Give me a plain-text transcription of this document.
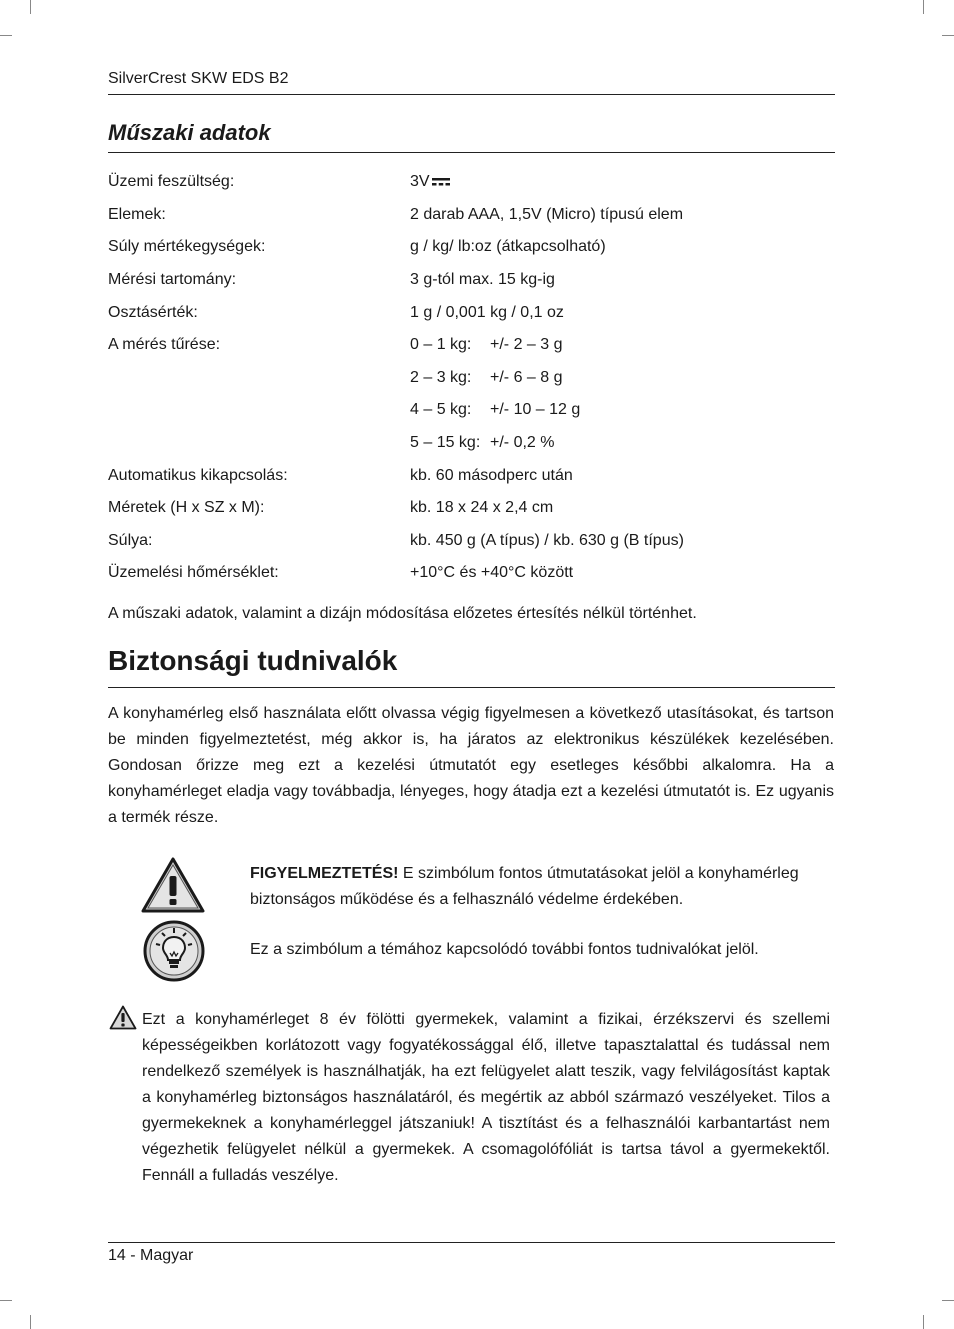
SilverCrest SKW EDS B2
Műszaki adatok
Üzemi feszültség:	3V
Elemek:	2 darab AAA, 1,5V (Micro) típusú elem
Súly mértékegységek:	g / kg/ lb:oz (átkapcsolható)
Mérési tartomány:	3 g-tól max. 15 kg-ig
Osztásérték:	1 g / 0,001 kg / 0,1 oz
A mérés tűrése:	0 – 1 kg:	+/- 2 – 3 g
2 – 3 kg:	+/- 6 – 8 g
4 – 5 kg:	+/- 10 – 12 g
5 – 15 kg: +/- 0,2 %
Automatikus kikapcsolás:	kb. 60 másodperc után
Méretek (H x SZ x M):	kb. 18 x 24 x 2,4 cm
Súlya:	kb. 450 g (A típus) / kb. 630 g (B típus)
Üzemelési hőmérséklet:	+10°C és +40°C között
A műszaki adatok, valamint a dizájn módosítása előzetes értesítés nélkül történhet.
Biztonsági tudnivalók
A konyhamérleg első használata előtt olvassa végig figyelmesen a következő utasításokat, és tartson be minden figyelmeztetést, még akkor is, ha járatos az elektronikus készülékek kezelésében. Gondosan őrizze meg ezt a kezelési útmutatót egy esetleges későbbi alkalomra. Ha a konyhamérleget eladja vagy továbbadja, lényeges, hogy átadja ezt a kezelési útmutatót is. Ez ugyanis a termék része.
FIGYELMEZTETÉS! E szimbólum fontos útmutatásokat jelöl a konyhamérleg biztonságos működése és a felhasználó védelme érdekében.
Ez a szimbólum a témához kapcsolódó további fontos tudnivalókat jelöl.
Ezt a konyhamérleget 8 év fölötti gyermekek, valamint a fizikai, érzékszervi és szellemi képességeikben korlátozott vagy fogyatékossággal élő, illetve tapasztalattal és tudással nem rendelkező személyek is használhatják, ha ezt felügyelet alatt teszik, vagy felvilágosítást kaptak a konyhamérleg biztonságos használatáról, és megértik az abból származó veszélyeket. Tilos a gyermekeknek a konyhamérleggel játszaniuk! A tisztítást és a felhasználói karbantartást nem végezhetik felügyelet nélkül a gyermekek. A csomagolófóliát is tartsa távol a gyermekektől. Fennáll a fulladás veszélye.
14 - Magyar
